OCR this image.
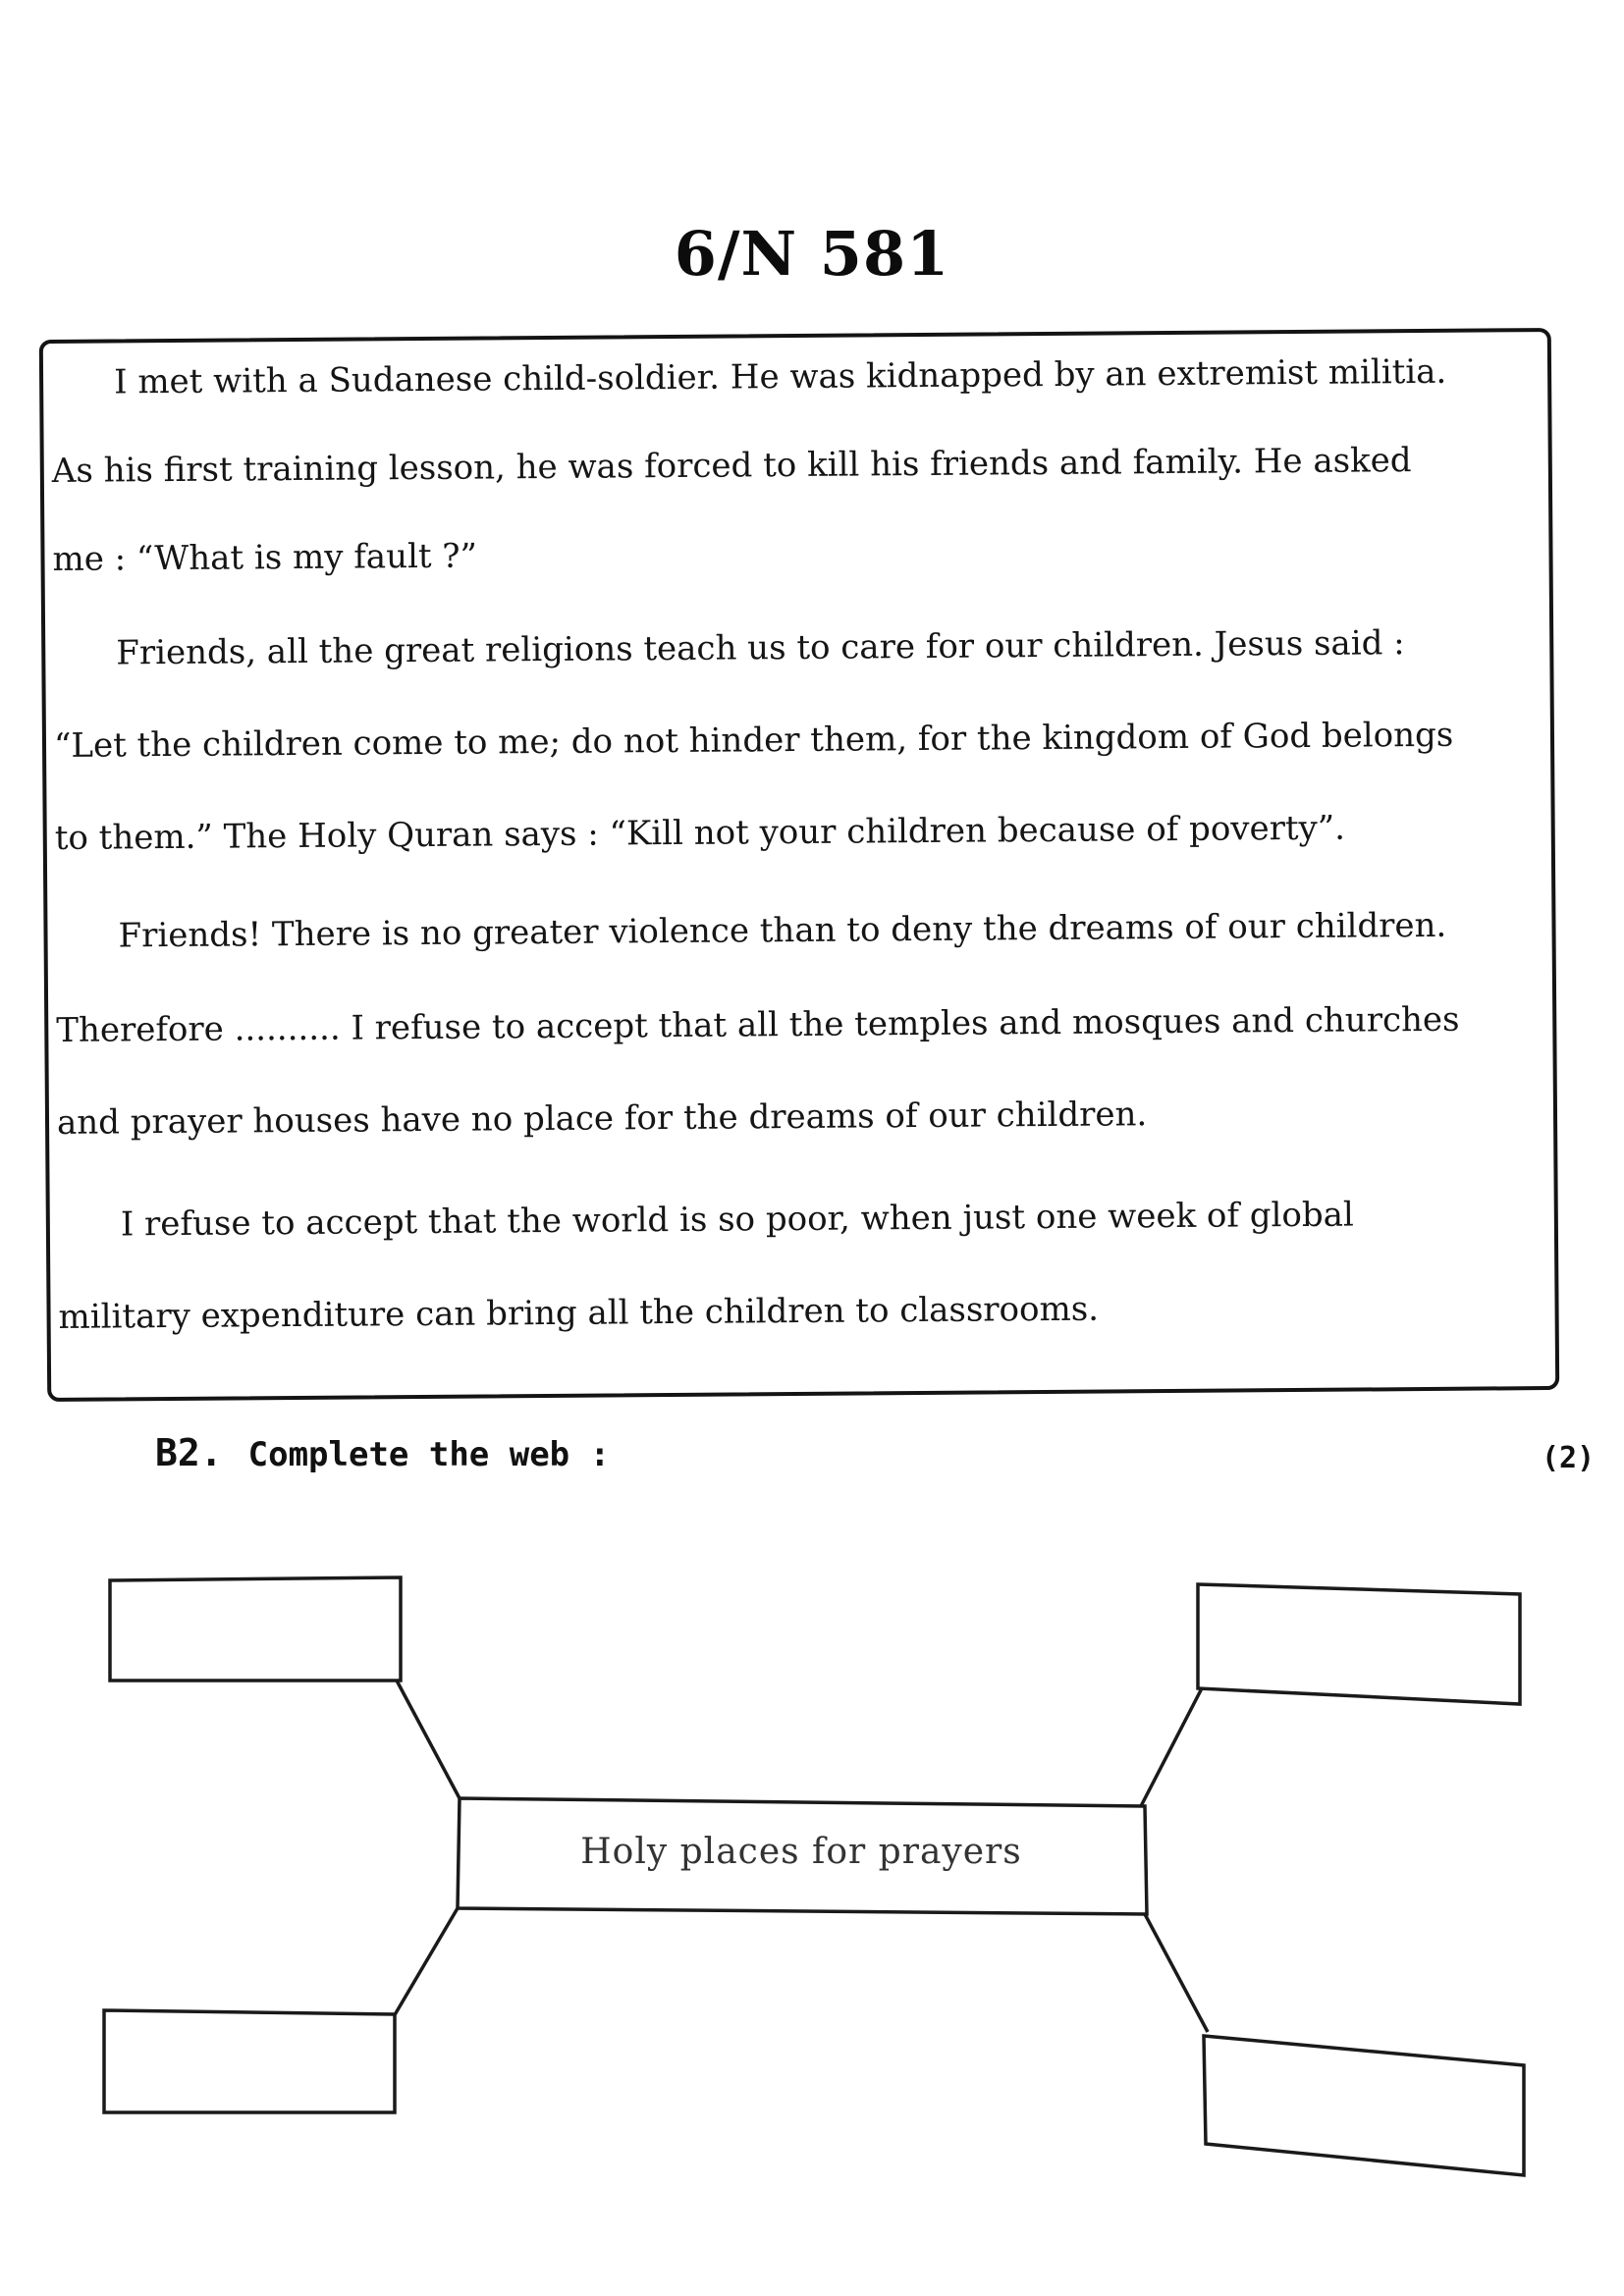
6/N 581
I met with a Sudanese child-soldier. He was kidnapped by an extremist militia.
As his first training lesson, he was forced to kill his friends and family. He asked
me : “What is my fault ?”
Friends, all the great religions teach us to care for our children. Jesus said :
“Let the children come to me; do not hinder them, for the kingdom of God belongs
to them.” The Holy Quran says : “Kill not your children because of poverty”.
Friends! There is no greater violence than to deny the dreams of our children.
Therefore .......... I refuse to accept that all the temples and mosques and churches
and prayer houses have no place for the dreams of our children.
I refuse to accept that the world is so poor, when just one week of global
military expenditure can bring all the children to classrooms.
B2. Complete the web :	(2)
Holy places for prayers
